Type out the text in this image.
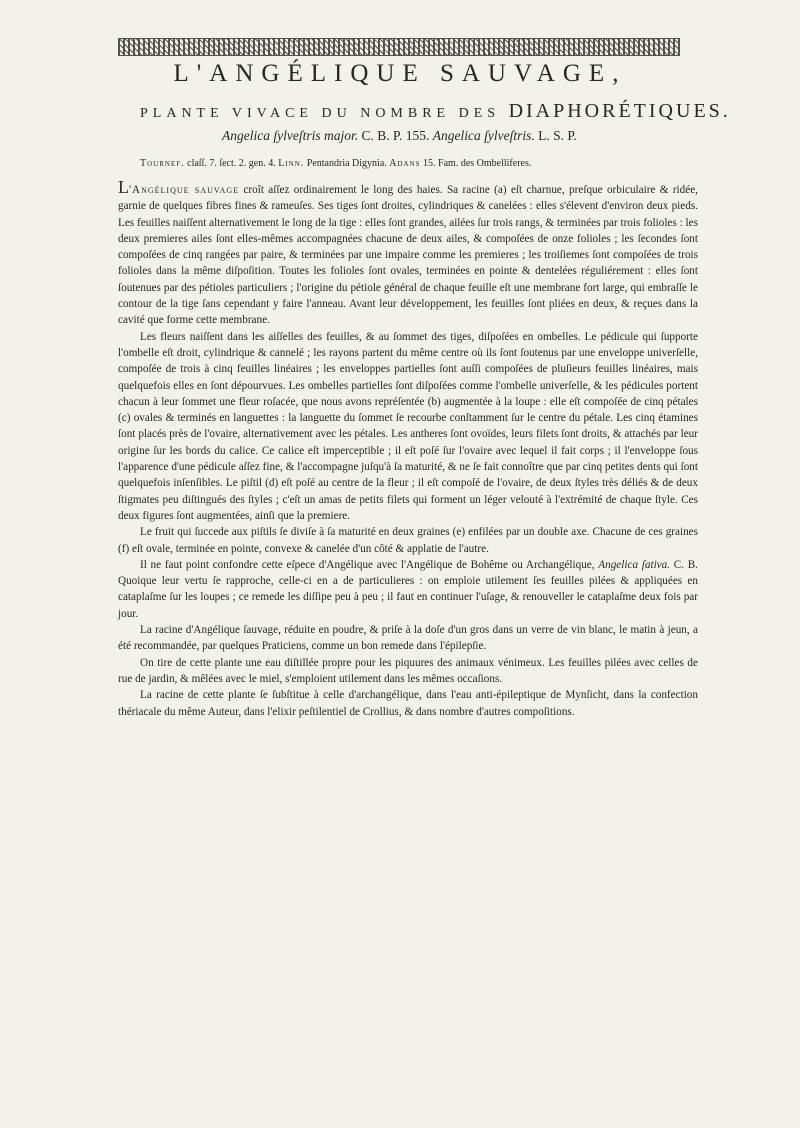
L'ANGÉLIQUE SAUVAGE,

PLANTE VIVACE DU NOMBRE DES DIAPHORÉTIQUES.

Angelica ſylveſtris major. C. B. P. 155. Angelica ſylveſtris. L. S. P.

Tournef. claſſ. 7. ſect. 2. gen. 4. Linn. Pentandria Digynia. Adans 15. Fam. des Ombelliferes.

L'Angélique sauvage croît aſſez ordinairement le long des haies. Sa racine (a) eſt charnue, preſque orbiculaire & ridée, garnie de quelques fibres fines & rameuſes. Ses tiges ſont droites, cylindriques & canelées : elles s'élevent d'environ deux pieds. Les feuilles naiſſent alternativement le long de la tige : elles ſont grandes, ailées ſur trois rangs, & terminées par trois folioles : les deux premieres ailes ſont elles-mêmes accompagnées chacune de deux ailes, & compoſées de onze folioles ; les ſecondes ſont compoſées de cinq rangées par paire, & terminées par une impaire comme les premieres ; les troiſiemes ſont compoſées de trois folioles dans la même diſpoſition. Toutes les folioles ſont ovales, terminées en pointe & dentelées réguliérement : elles ſont ſoutenues par des pétioles particuliers ; l'origine du pétiole général de chaque feuille eſt une membrane fort large, qui embraſſe le contour de la tige ſans cependant y faire l'anneau. Avant leur développement, les feuilles ſont pliées en deux, & reçues dans la cavité que forme cette membrane.

Les fleurs naiſſent dans les aiſſelles des feuilles, & au ſommet des tiges, diſpoſées en ombelles. Le pédicule qui ſupporte l'ombelle eſt droit, cylindrique & cannelé ; les rayons partent du même centre où ils ſont ſoutenus par une enveloppe univerſelle, compoſée de trois à cinq feuilles linéaires ; les enveloppes partielles ſont auſſi compoſées de pluſieurs feuilles linéaires, mais quelquefois elles en ſont dépourvues. Les ombelles partielles ſont diſpoſées comme l'ombelle univerſelle, & les pédicules portent chacun à leur ſommet une fleur roſacée, que nous avons repréſentée (b) augmentée à la loupe : elle eſt compoſée de cinq pétales (c) ovales & terminés en languettes : la languette du ſommet ſe recourbe conſtamment ſur le centre du pétale. Les cinq étamines ſont placés près de l'ovaire, alternativement avec les pétales. Les antheres ſont ovoïdes, leurs filets ſont droits, & attachés par leur origine ſur les bords du calice. Ce calice eſt imperceptible ; il eſt poſé ſur l'ovaire avec lequel il fait corps ; il l'enveloppe ſous l'apparence d'une pédicule aſſez fine, & l'accompagne juſqu'à ſa maturité, & ne ſe fait connoître que par cinq petites dents qui ſont quelquefois inſenſibles. Le piſtil (d) eſt poſé au centre de la fleur ; il eſt compoſé de l'ovaire, de deux ſtyles très déliés & de deux ſtigmates peu diſtingués des ſtyles ; c'eſt un amas de petits filets qui forment un léger velouté à l'extrémité de chaque ſtyle. Ces deux figures ſont augmentées, ainſi que la premiere.

Le fruit qui ſuccede aux piſtils ſe diviſe à ſa maturité en deux graines (e) enfilées par un double axe. Chacune de ces graines (f) eſt ovale, terminée en pointe, convexe & canelée d'un côté & applatie de l'autre.

Il ne faut point confondre cette eſpece d'Angélique avec l'Angélique de Bohême ou Archangélique, Angelica ſativa. C. B. Quoique leur vertu ſe rapproche, celle-ci en a de particulieres : on emploie utilement ſes feuilles pilées & appliquées en cataplaſme ſur les loupes ; ce remede les diſſipe peu à peu ; il faut en continuer l'uſage, & renouveller le cataplaſme deux fois par jour.

La racine d'Angélique ſauvage, réduite en poudre, & priſe à la doſe d'un gros dans un verre de vin blanc, le matin à jeun, a été recommandée, par quelques Praticiens, comme un bon remede dans l'épilepſie.

On tire de cette plante une eau diſtillée propre pour les piquures des animaux vénimeux. Les feuilles pilées avec celles de rue de jardin, & mêlées avec le miel, s'emploient utilement dans les mêmes occaſions.

La racine de cette plante ſe ſubſtitue à celle d'archangélique, dans l'eau anti-épileptique de Mynſicht, dans la confection thériacale du même Auteur, dans l'elixir peſtilentiel de Crollius, & dans nombre d'autres compoſitions.
